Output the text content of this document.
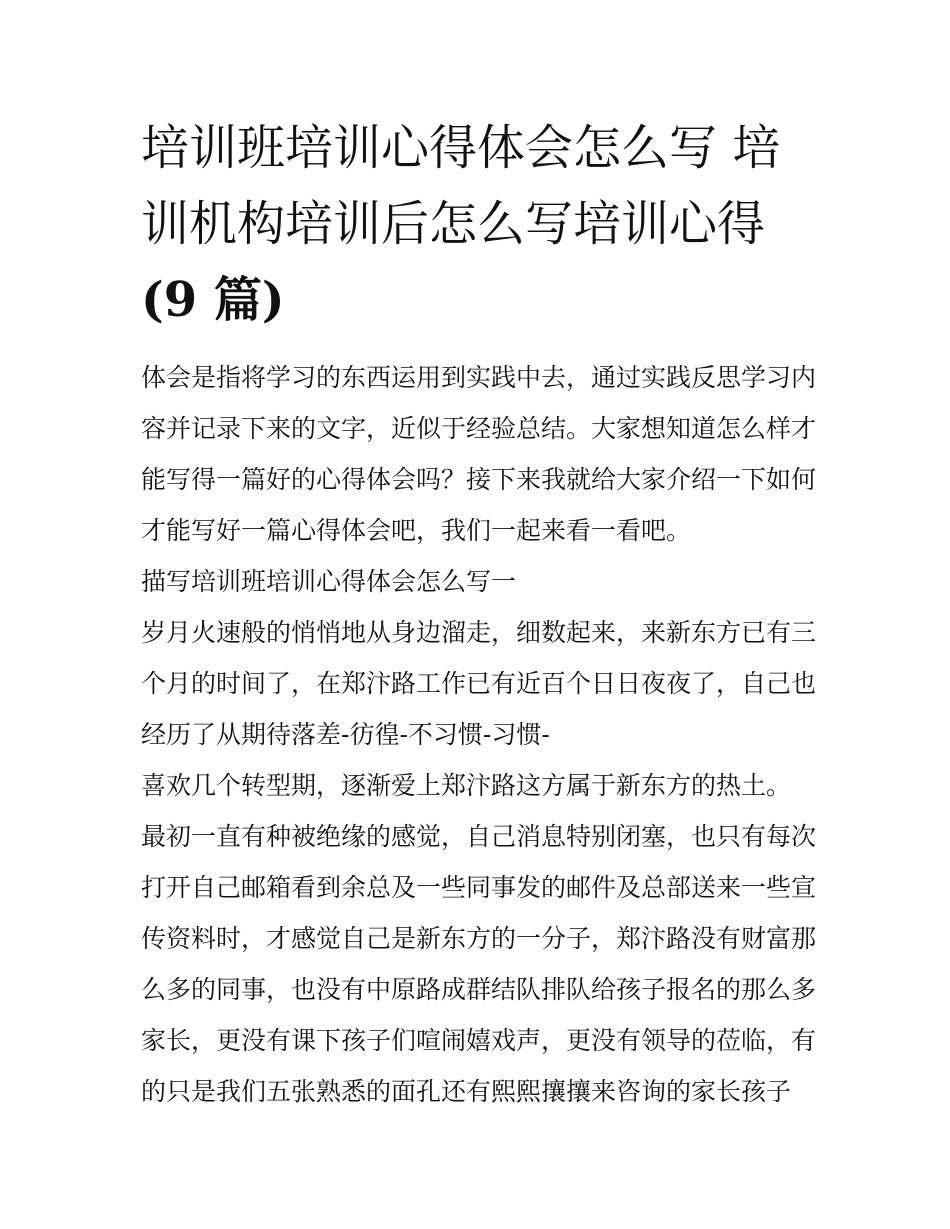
培训班培训心得体会怎么写 培
训机构培训后怎么写培训心得
(9 篇)
体会是指将学习的东西运用到实践中去，通过实践反思学习内
容并记录下来的文字，近似于经验总结。大家想知道怎么样才
能写得一篇好的心得体会吗？接下来我就给大家介绍一下如何
才能写好一篇心得体会吧，我们一起来看一看吧。
描写培训班培训心得体会怎么写一
岁月火速般的悄悄地从身边溜走，细数起来，来新东方已有三
个月的时间了，在郑汴路工作已有近百个日日夜夜了，自己也
经历了从期待落差-彷徨-不习惯-习惯-
喜欢几个转型期，逐渐爱上郑汴路这方属于新东方的热土。
最初一直有种被绝缘的感觉，自己消息特别闭塞，也只有每次
打开自己邮箱看到余总及一些同事发的邮件及总部送来一些宣
传资料时，才感觉自己是新东方的一分子，郑汴路没有财富那
么多的同事，也没有中原路成群结队排队给孩子报名的那么多
家长，更没有课下孩子们喧闹嬉戏声，更没有领导的莅临，有
的只是我们五张熟悉的面孔还有熙熙攘攘来咨询的家长孩子
